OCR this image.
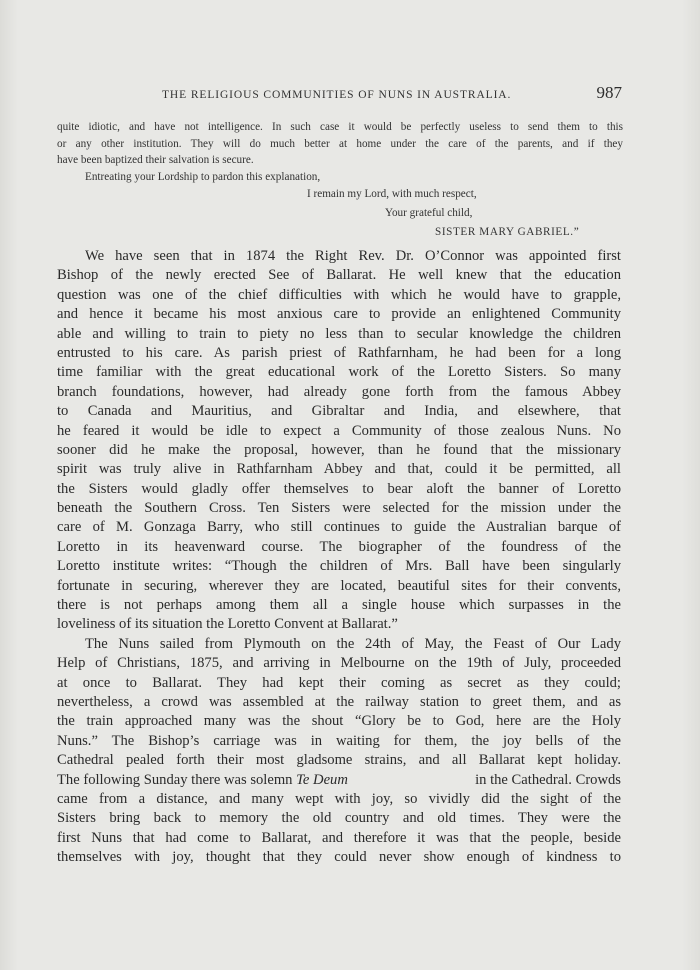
THE RELIGIOUS COMMUNITIES OF NUNS IN AUSTRALIA.	987

quite idiotic, and have not intelligence. In such case it would be perfectly useless to send them to this

or any other institution. They will do much better at home under the care of the parents, and if they

have been baptized their salvation is secure.

Entreating your Lordship to pardon this explanation,

I remain my Lord, with much respect,
Your grateful child,
SISTER MARY GABRIEL.”
We have seen that in 1874 the Right Rev. Dr. O’Connor was appointed first
Bishop of the newly erected See of Ballarat. He well knew that the education
question was one of the chief difficulties with which he would have to grapple,
and hence it became his most anxious care to provide an enlightened Community
able and willing to train to piety no less than to secular knowledge the children
entrusted to his care. As parish priest of Rathfarnham, he had been for a long
time familiar with the great educational work of the Loretto Sisters. So many
branch foundations, however, had already gone forth from the famous Abbey
to Canada and Mauritius, and Gibraltar and India, and elsewhere, that
he feared it would be idle to expect a Community of those zealous Nuns. No
sooner did he make the proposal, however, than he found that the missionary
spirit was truly alive in Rathfarnham Abbey and that, could it be permitted, all
the Sisters would gladly offer themselves to bear aloft the banner of Loretto
beneath the Southern Cross. Ten Sisters were selected for the mission under the
care of M. Gonzaga Barry, who still continues to guide the Australian barque of
Loretto in its heavenward course. The biographer of the foundress of the
Loretto institute writes: “Though the children of Mrs. Ball have been singularly
fortunate in securing, wherever they are located, beautiful sites for their convents,
there is not perhaps among them all a single house which surpasses in the
loveliness of its situation the Loretto Convent at Ballarat.”
The Nuns sailed from Plymouth on the 24th of May, the Feast of Our Lady
Help of Christians, 1875, and arriving in Melbourne on the 19th of July, proceeded
at once to Ballarat. They had kept their coming as secret as they could;
nevertheless, a crowd was assembled at the railway station to greet them, and as
the train approached many was the shout “Glory be to God, here are the Holy
Nuns.” The Bishop’s carriage was in waiting for them, the joy bells of the
Cathedral pealed forth their most gladsome strains, and all Ballarat kept holiday.
The following Sunday there was solemn Te Deum	in the Cathedral. Crowds
came from a distance, and many wept with joy, so vividly did the sight of the
Sisters bring back to memory the old country and old times. They were the
first Nuns that had come to Ballarat, and therefore it was that the people, beside
themselves with joy, thought that they could never show enough of kindness to
